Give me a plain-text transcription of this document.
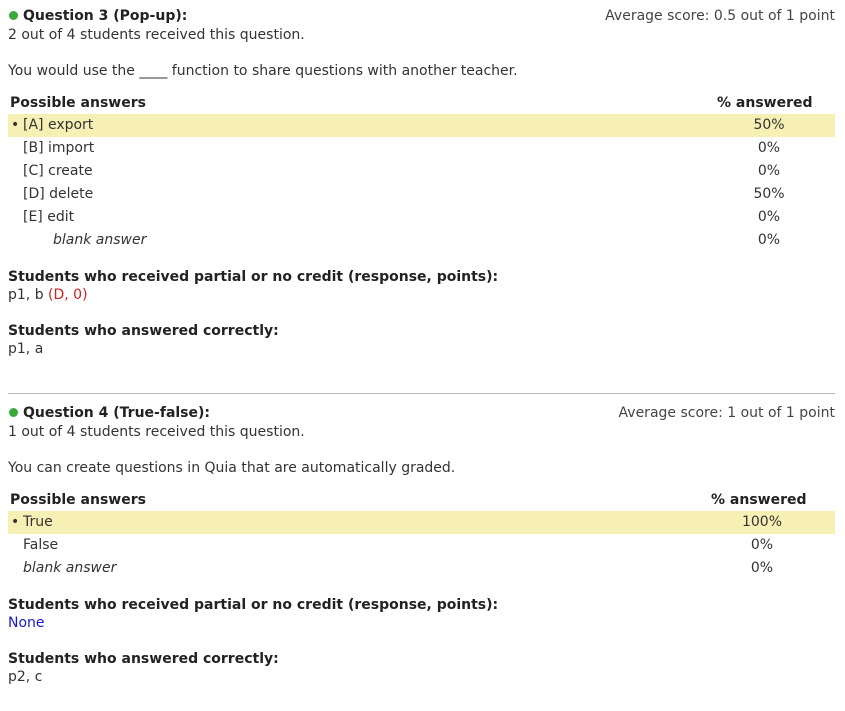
Question 3 (Pop-up):	Average score: 0.5 out of 1 point
2 out of 4 students received this question.
You would use the ____ function to share questions with another teacher.
Possible answers	% answered
• [A] export	50%
[B] import	0%
[C] create	0%
[D] delete	50%
[E] edit	0%
blank answer	0%
Students who received partial or no credit (response, points):
p1, b (D, 0)
Students who answered correctly:
p1, a
Question 4 (True-false):	Average score: 1 out of 1 point
1 out of 4 students received this question.
You can create questions in Quia that are automatically graded.
Possible answers	% answered
• True	100%
False	0%
blank answer	0%
Students who received partial or no credit (response, points):
None
Students who answered correctly:
p2, c
